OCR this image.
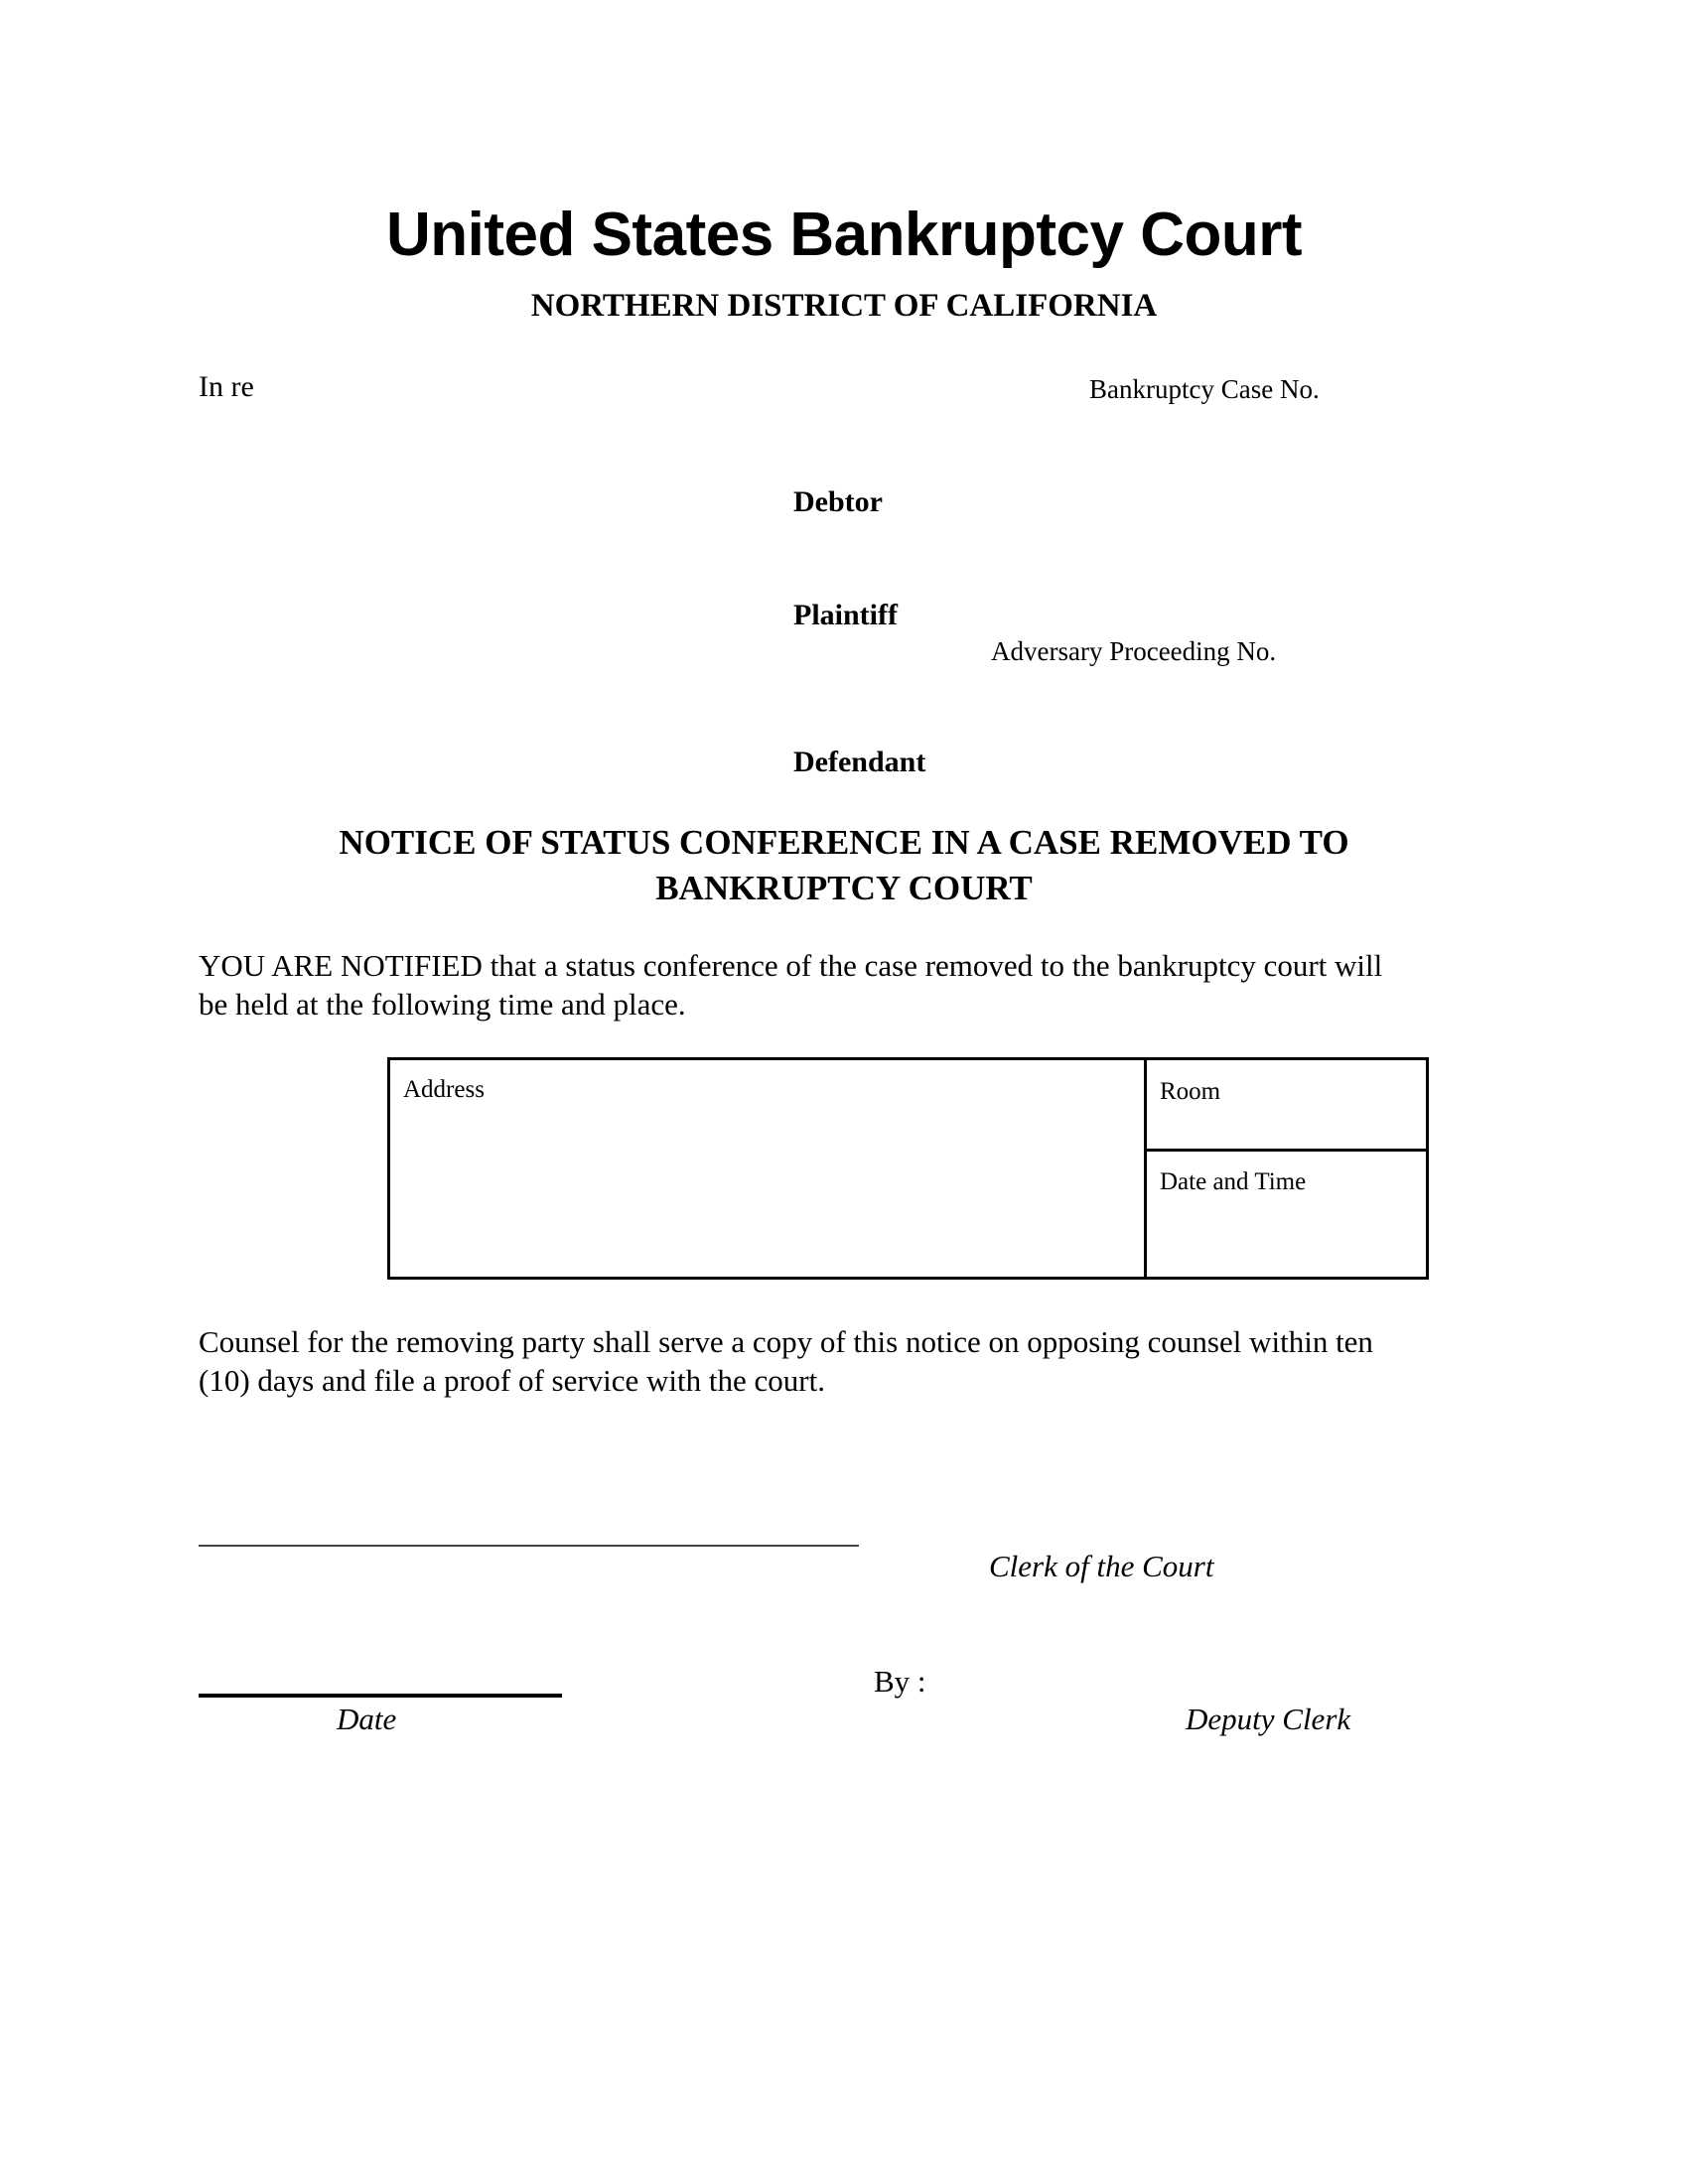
United States Bankruptcy Court
NORTHERN DISTRICT OF CALIFORNIA
In re	Bankruptcy Case No.
Debtor
Plaintiff
Adversary Proceeding No.
Defendant
NOTICE OF STATUS CONFERENCE IN A CASE REMOVED TO
BANKRUPTCY COURT
YOU ARE NOTIFIED that a status conference of the case removed to the bankruptcy court will
be held at the following time and place.
Address	Room
Date and Time
Counsel for the removing party shall serve a copy of this notice on opposing counsel within ten
(10) days and file a proof of service with the court.
Clerk of the Court
Date
By :
Deputy Clerk
